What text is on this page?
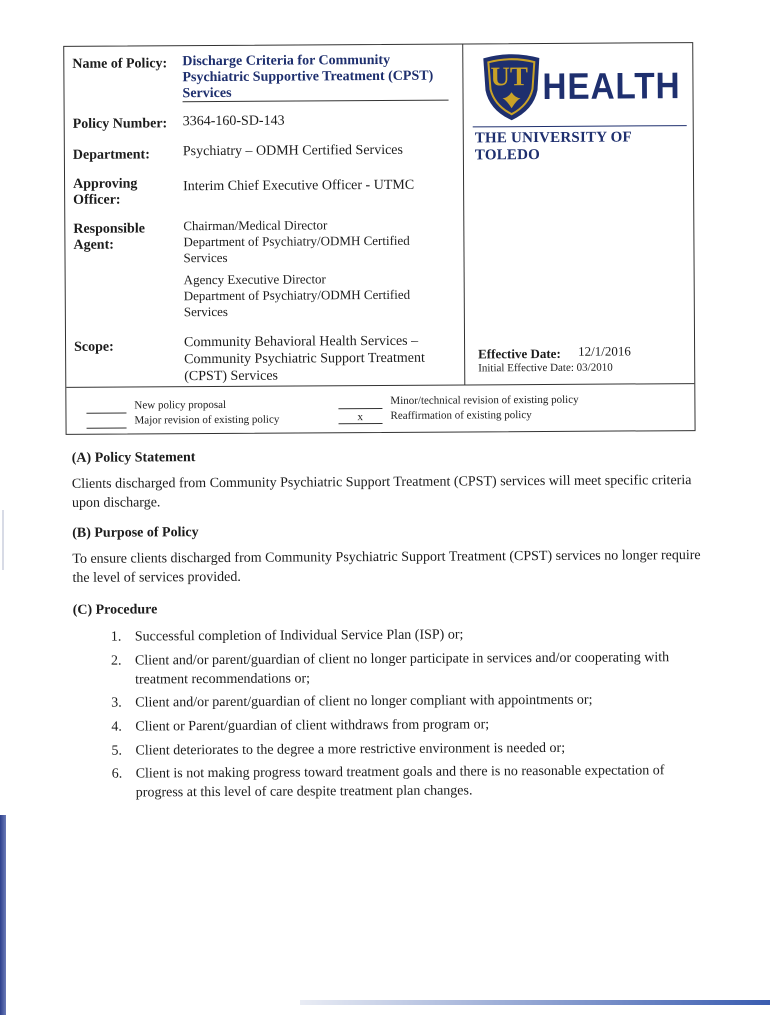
Name of Policy: Discharge Criteria for Community
Psychiatric Supportive Treatment (CPST)
Services
Policy Number: 3364-160-SD-143
Department: Psychiatry – ODMH Certified Services
Approving
Officer:
Interim Chief Executive Officer - UTMC
Responsible
Agent:
Chairman/Medical Director
Department of Psychiatry/ODMH Certified
Services
Agency Executive Director
Department of Psychiatry/ODMH Certified
Services
Scope:	Community Behavioral Health Services –
Community Psychiatric Support Treatment
(CPST) Services
UT HEALTH
THE UNIVERSITY OF TOLEDO
Effective Date: 12/1/2016
Initial Effective Date: 03/2010
New policy proposal
Major revision of existing policy
Minor/technical revision of existing policy
x Reaffirmation of existing policy
(A) Policy Statement
Clients discharged from Community Psychiatric Support Treatment (CPST) services will meet specific criteria
upon discharge.
(B) Purpose of Policy
To ensure clients discharged from Community Psychiatric Support Treatment (CPST) services no longer require
the level of services provided.
(C) Procedure
1. Successful completion of Individual Service Plan (ISP) or;
2. Client and/or parent/guardian of client no longer participate in services and/or cooperating with
treatment recommendations or;
3. Client and/or parent/guardian of client no longer compliant with appointments or;
4. Client or Parent/guardian of client withdraws from program or;
5. Client deteriorates to the degree a more restrictive environment is needed or;
6. Client is not making progress toward treatment goals and there is no reasonable expectation of
progress at this level of care despite treatment plan changes.
